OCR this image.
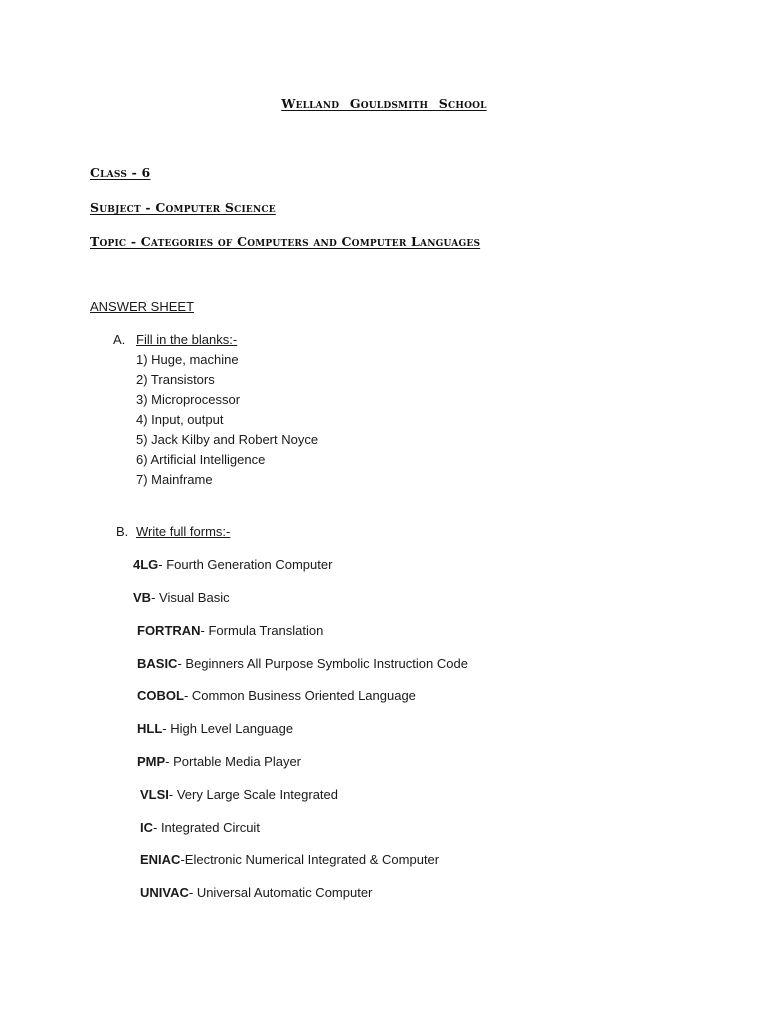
Welland Gouldsmith School
Class - 6
Subject - Computer Science
Topic - Categories of Computers and Computer Languages
ANSWER SHEET
A. Fill in the blanks:-
1) Huge, machine
2) Transistors
3) Microprocessor
4) Input, output
5) Jack Kilby and Robert Noyce
6) Artificial Intelligence
7) Mainframe
B. Write full forms:-
4LG- Fourth Generation Computer
VB- Visual Basic
FORTRAN- Formula Translation
BASIC- Beginners All Purpose Symbolic Instruction Code
COBOL- Common Business Oriented Language
HLL- High Level Language
PMP- Portable Media Player
VLSI- Very Large Scale Integrated
IC- Integrated Circuit
ENIAC-Electronic Numerical Integrated & Computer
UNIVAC- Universal Automatic Computer
